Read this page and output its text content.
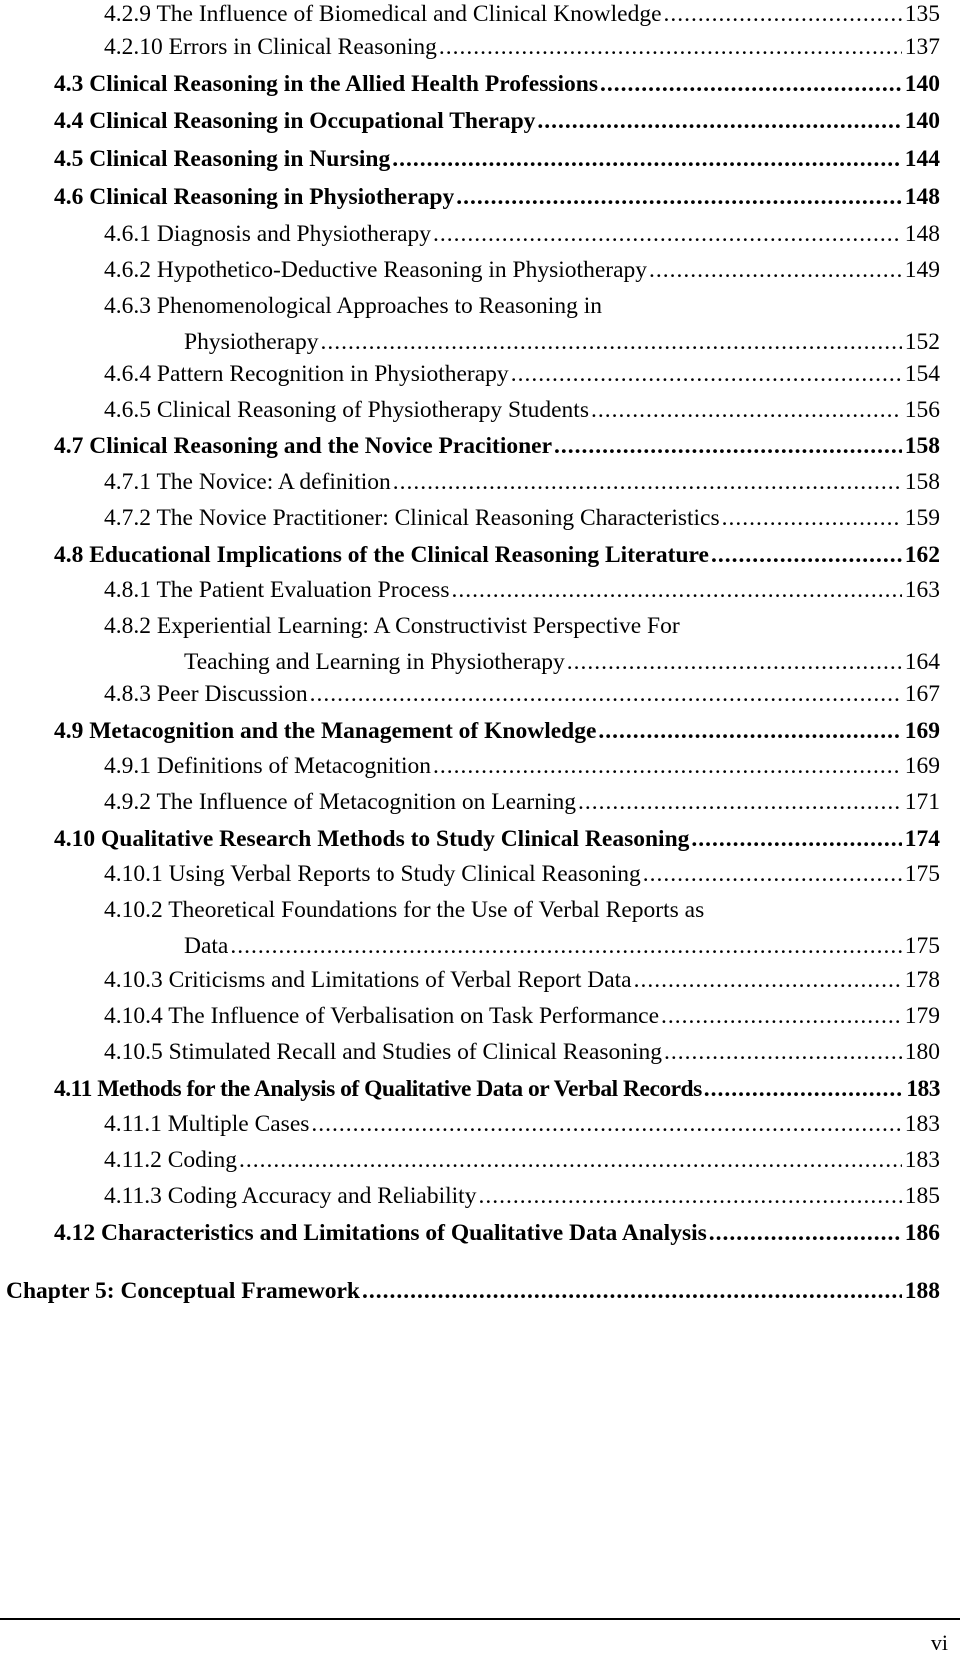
4.2.9 The Influence of Biomedical and Clinical Knowledge .....	135
4.2.10 Errors in Clinical Reasoning .....	137
4.3 Clinical Reasoning in the Allied Health Professions .....	140
4.4 Clinical Reasoning in Occupational Therapy .....	140
4.5 Clinical Reasoning in Nursing .....	144
4.6 Clinical Reasoning in Physiotherapy .....	148
4.6.1 Diagnosis and Physiotherapy .....	148
4.6.2 Hypothetico-Deductive Reasoning in Physiotherapy .....	149
4.6.3 Phenomenological Approaches to Reasoning in
Physiotherapy .....	152
4.6.4 Pattern Recognition in Physiotherapy .....	154
4.6.5 Clinical Reasoning of Physiotherapy Students .....	156
4.7 Clinical Reasoning and the Novice Pracitioner .....	158
4.7.1 The Novice: A definition .....	158
4.7.2 The Novice Practitioner: Clinical Reasoning Characteristics .....	159
4.8 Educational Implications of the Clinical Reasoning Literature .....	162
4.8.1 The Patient Evaluation Process .....	163
4.8.2 Experiential Learning: A Constructivist Perspective For
Teaching and Learning in Physiotherapy .....	164
4.8.3 Peer Discussion .....	167
4.9 Metacognition and the Management of Knowledge .....	169
4.9.1 Definitions of Metacognition .....	169
4.9.2 The Influence of Metacognition on Learning .....	171
4.10 Qualitative Research Methods to Study Clinical Reasoning .....	174
4.10.1 Using Verbal Reports to Study Clinical Reasoning .....	175
4.10.2 Theoretical Foundations for the Use of Verbal Reports as
Data .....	175
4.10.3 Criticisms and Limitations of Verbal Report Data .....	178
4.10.4 The Influence of Verbalisation on Task Performance .....	179
4.10.5 Stimulated Recall and Studies of Clinical Reasoning .....	180
4.11 Methods for the Analysis of Qualitative Data or Verbal Records .....	183
4.11.1 Multiple Cases .....	183
4.11.2 Coding .....	183
4.11.3 Coding Accuracy and Reliability .....	185
4.12 Characteristics and Limitations of Qualitative Data Analysis .....	186
Chapter 5: Conceptual Framework .....	188
vi
